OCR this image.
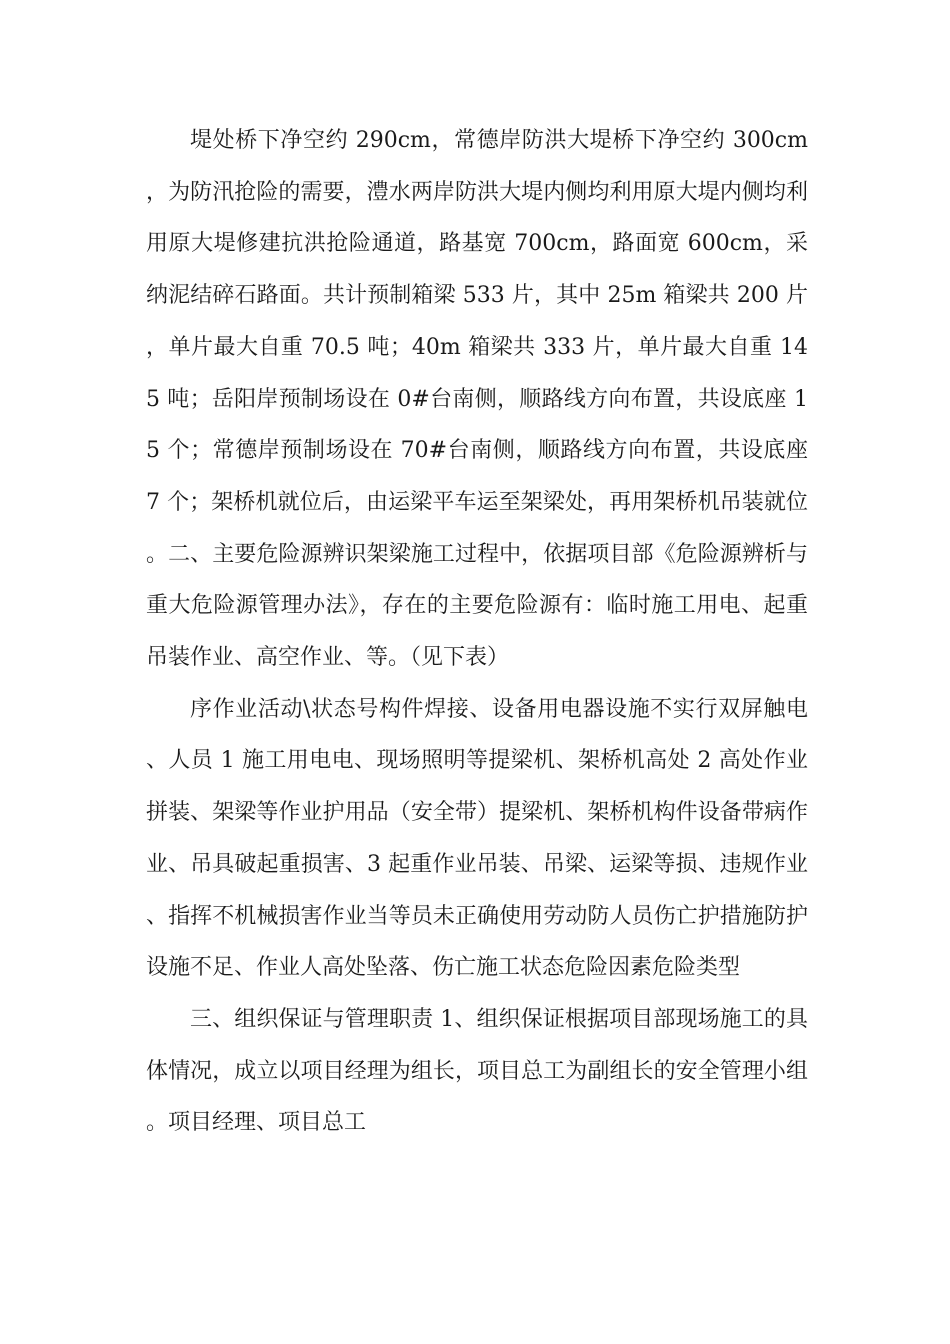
堤处桥下净空约 290cm，常德岸防洪大堤桥下净空约 300cm，为防汛抢险的需要，澧水两岸防洪大堤内侧均利用原大堤内侧均利用原大堤修建抗洪抢险通道，路基宽 700cm，路面宽 600cm，采纳泥结碎石路面。共计预制箱梁 533 片，其中 25m 箱梁共 200 片，单片最大自重 70.5 吨；40m 箱梁共 333 片，单片最大自重 145 吨；岳阳岸预制场设在 0#台南侧，顺路线方向布置，共设底座 15 个；常德岸预制场设在 70#台南侧，顺路线方向布置，共设底座 7 个；架桥机就位后，由运梁平车运至架梁处，再用架桥机吊装就位。二、主要危险源辨识架梁施工过程中，依据项目部《危险源辨析与重大危险源管理办法》，存在的主要危险源有：临时施工用电、起重吊装作业、高空作业、等。（见下表）

序作业活动\状态号构件焊接、设备用电器设施不实行双屏触电、人员 1 施工用电电、现场照明等提梁机、架桥机高处 2 高处作业拼装、架梁等作业护用品（安全带）提梁机、架桥机构件设备带病作业、吊具破起重损害、3 起重作业吊装、吊梁、运梁等损、违规作业、指挥不机械损害作业当等员未正确使用劳动防人员伤亡护措施防护设施不足、作业人高处坠落、伤亡施工状态危险因素危险类型

三、组织保证与管理职责 1、组织保证根据项目部现场施工的具体情况，成立以项目经理为组长，项目总工为副组长的安全管理小组。项目经理、项目总工
